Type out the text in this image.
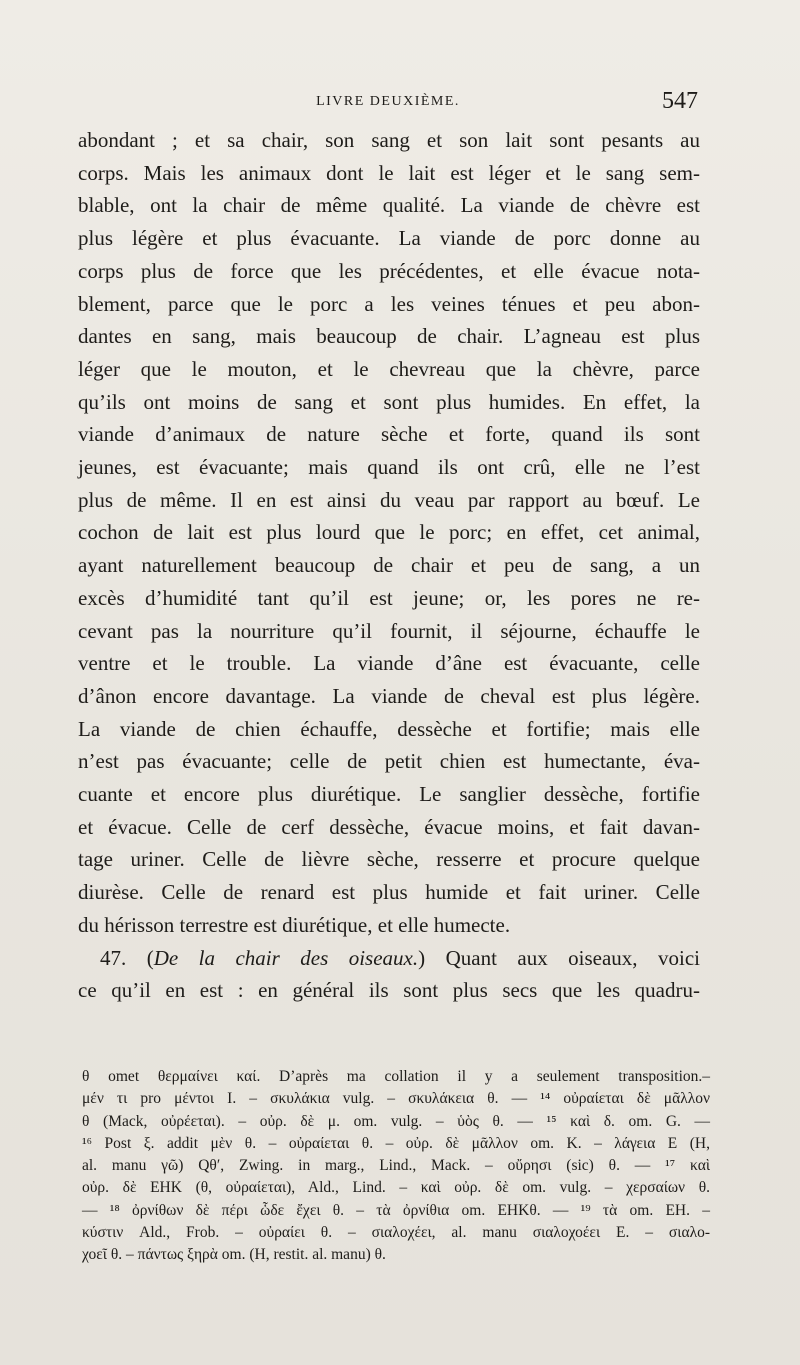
LIVRE DEUXIÈME.	547
abondant ; et sa chair, son sang et son lait sont pesants au
corps. Mais les animaux dont le lait est léger et le sang sem-
blable, ont la chair de même qualité. La viande de chèvre est
plus légère et plus évacuante. La viande de porc donne au
corps plus de force que les précédentes, et elle évacue nota-
blement, parce que le porc a les veines ténues et peu abon-
dantes en sang, mais beaucoup de chair. L’agneau est plus
léger que le mouton, et le chevreau que la chèvre, parce
qu’ils ont moins de sang et sont plus humides. En effet, la
viande d’animaux de nature sèche et forte, quand ils sont
jeunes, est évacuante; mais quand ils ont crû, elle ne l’est
plus de même. Il en est ainsi du veau par rapport au bœuf. Le
cochon de lait est plus lourd que le porc; en effet, cet animal,
ayant naturellement beaucoup de chair et peu de sang, a un
excès d’humidité tant qu’il est jeune; or, les pores ne re-
cevant pas la nourriture qu’il fournit, il séjourne, échauffe le
ventre et le trouble. La viande d’âne est évacuante, celle
d’ânon encore davantage. La viande de cheval est plus légère.
La viande de chien échauffe, dessèche et fortifie; mais elle
n’est pas évacuante; celle de petit chien est humectante, éva-
cuante et encore plus diurétique. Le sanglier dessèche, fortifie
et évacue. Celle de cerf dessèche, évacue moins, et fait davan-
tage uriner. Celle de lièvre sèche, resserre et procure quelque
diurèse. Celle de renard est plus humide et fait uriner. Celle
du hérisson terrestre est diurétique, et elle humecte.
47. (De la chair des oiseaux.) Quant aux oiseaux, voici
ce qu’il en est : en général ils sont plus secs que les quadru-
θ omet θερμαίνει καί. D’après ma collation il y a seulement transposition.–
μέν τι pro μέντοι I. – σκυλάκια vulg. – σκυλάκεια θ. — ¹⁴ οὐραίεται δὲ μᾶλλον
θ (Mack, οὐρέεται). – οὐρ. δὲ μ. om. vulg. – ὑὸς θ. — ¹⁵ καὶ δ. om. G. —
¹⁶ Post ξ. addit μὲν θ. – οὐραίεται θ. – οὐρ. δὲ μᾶλλον om. K. – λάγεια E (H,
al. manu γῶ) Qθ′, Zwing. in marg., Lind., Mack. – οὔρησι (sic) θ. — ¹⁷ καὶ
οὐρ. δὲ EHK (θ, οὐραίεται), Ald., Lind. – καὶ οὐρ. δὲ om. vulg. – χερσαίων θ.
— ¹⁸ ὀρνίθων δὲ πέρι ὧδε ἔχει θ. – τὰ ὀρνίθια om. EHKθ. — ¹⁹ τὰ om. EH. –
κύστιν Ald., Frob. – οὐραίει θ. – σιαλοχέει, al. manu σιαλοχοέει E. – σιαλο-
χοεῖ θ. – πάντως ξηρὰ om. (H, restit. al. manu) θ.
